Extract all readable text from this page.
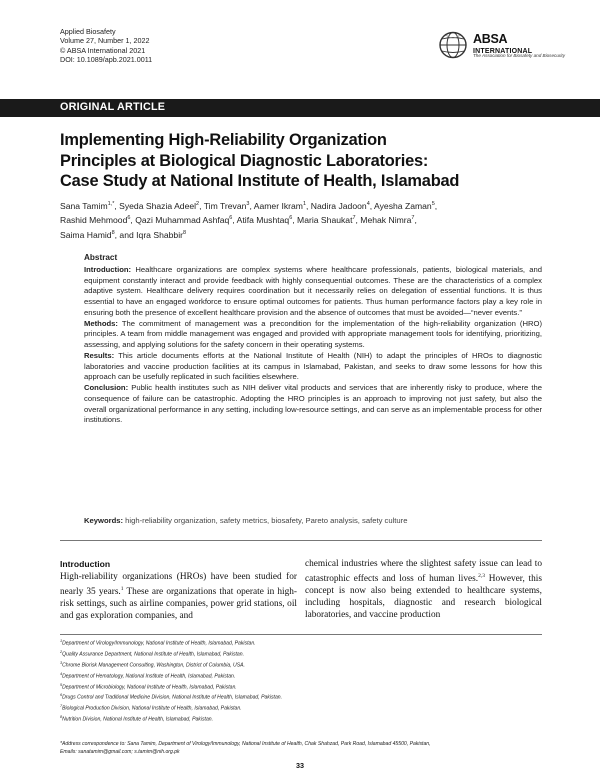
Applied Biosafety
Volume 27, Number 1, 2022
© ABSA International 2021
DOI: 10.1089/apb.2021.0011
ABSA
$^{INTERNATIONAL}$
The Association for Biosafety and Biosecurity
ORIGINAL ARTICLE
Implementing High-Reliability Organization
Principles at Biological Diagnostic Laboratories:
Case Study at National Institute of Health, Islamabad
Sana Tamim$^{1,*}$, Syeda Shazia Adeel$^2$, Tim Trevan$^3$, Aamer Ikram$^1$, Nadira Jadoon$^4$, Ayesha Zaman$^5$,
Rashid Mehmood$^6$, Qazi Muhammad Ashfaq$^6$, Atifa Mushtaq$^6$, Maria Shaukat$^7$, Mehak Nimra$^7$,
Saima Hamid$^8$, and Iqra Shabbir$^8$
Abstract

Introduction: Healthcare organizations are complex systems where healthcare professionals, patients, biological materials, and equipment constantly interact and provide feedback with highly consequential outcomes. These are the characteristics of a complex adaptive system. Healthcare delivery requires coordination but it necessarily relies on delegation of essential functions. It is thus essential to have an engaged workforce to ensure optimal outcomes for patients. Thus human performance factors play a key role in ensuring both the presence of excellent healthcare provision and the absence of outcomes that must be avoided—“never events.”

Methods: The commitment of management was a precondition for the implementation of the high-reliability organization (HRO) principles. A team from middle management was engaged and provided with appropriate management tools for identifying, prioritizing, assessing, and applying solutions for the safety concern in their operating systems.

Results: This article documents efforts at the National Institute of Health (NIH) to adapt the principles of HROs to diagnostic laboratories and vaccine production facilities at its campus in Islamabad, Pakistan, and seeks to draw some lessons for how this approach can be usefully replicated in such facilities elsewhere.

Conclusion: Public health institutes such as NIH deliver vital products and services that are inherently risky to produce, where the consequence of failure can be catastrophic. Adopting the HRO principles is an approach to improving not just safety, but also the overall organizational performance in any setting, including low-resource settings, and can serve as an implementable process for other institutions.

Keywords: high-reliability organization, safety metrics, biosafety, Pareto analysis, safety culture
Introduction

High-reliability organizations (HROs) have been studied for nearly 35 years.$^1$ These are organizations that operate in high-risk settings, such as airline companies, power grid stations, oil and gas exploration companies, and

chemical industries where the slightest safety issue can lead to catastrophic effects and loss of human lives.$^{2,3}$ However, this concept is now also being extended to healthcare systems, including hospitals, diagnostic and research biological laboratories, and vaccine production

$^1$Department of Virology/Immunology, National Institute of Health, Islamabad, Pakistan.
$^2$Quality Assurance Department, National Institute of Health, Islamabad, Pakistan.
$^3$Chrome Biorisk Management Consulting, Washington, District of Columbia, USA.
$^4$Department of Hematology, National Institute of Health, Islamabad, Pakistan.
$^5$Department of Microbiology, National Institute of Health, Islamabad, Pakistan.
$^6$Drugs Control and Traditional Medicine Division, National Institute of Health, Islamabad, Pakistan.
$^7$Biological Production Division, National Institute of Health, Islamabad, Pakistan.
$^8$Nutrition Division, National Institute of Health, Islamabad, Pakistan.
*Address correspondence to: Sana Tamim, Department of Virology/Immunology, National Institute of Health, Chak Shahzad, Park Road, Islamabad 45500, Pakistan,
Emails: sanatamim@gmail.com; s.tamim@nih.org.pk
33
